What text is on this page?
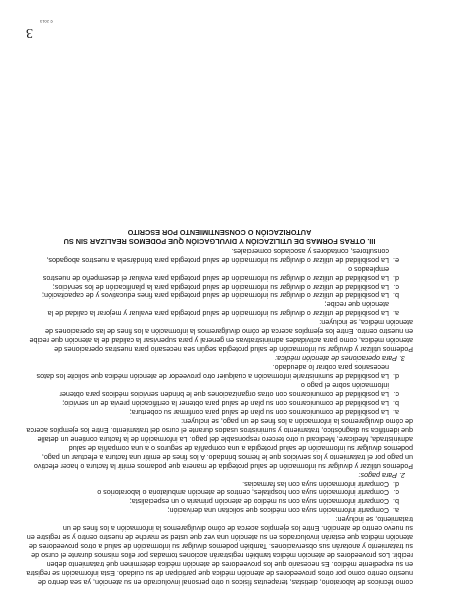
como técnicos de laboratorio, dietistas, terapeutas físicos u otro personal involucrado en su atención, ya sea dentro de nuestro centro como por otros proveedores de atención médica que participan de su cuidado. Esta información se registra en su expediente médico. Es necesario que los proveedores de atención médica determinen qué tratamiento deben recibir. Los proveedores de atención médica también registrarán acciones tomadas por ellos mismos durante el curso de su tratamiento y anotarán sus observaciones. También podemos divulgar su información de salud a otros proveedores de atención médica que estarán involucrados en su atención una vez que usted se marche de nuestro centro y se registre en su nuevo centro de atención. Entre los ejemplos acerca de cómo divulgaremos la información a los fines de un tratamiento, se incluyen:

a.
Compartir información suya con médicos que solicitan una derivación;
b.
Compartir información suya con su médico de atención primaria o un especialista;
c.
Compartir información suya con hospitales, centros de atención ambulatoria o laboratorios o
d.
Compartir información suya con las farmacias.

2. Para pagos:

Podemos utilizar y divulgar su información de salud protegida de manera que podamos emitir la factura o hacer efectivo un pago por el tratamiento y los servicios que le hemos brindado. A los fines de emitir una factura a efectuar un pago, podemos divulgar su información de salud protegida a una compañía de seguros o a una compañía de salud administrada, Medicare, Medicaid u otro tercero responsable del pago. La información de la factura contiene un detalle que identifica su diagnóstico, tratamiento y suministros usados durante el curso del tratamiento. Entre los ejemplos acerca de cómo divulgaremos la información a los fines de un pago, se incluyen:

a.
La posibilidad de comunicarnos con su plan de salud para confirmar su cobertura;
b.
La posibilidad de comunicarnos con su plan de salud para obtener la certificación previa de un servicio;
c.
La posibilidad de comunicarnos con otras organizaciones que le brinden servicios médicos para obtener información sobre el pago o
d.
La posibilidad de suministrarle información a cualquier otro proveedor de atención médica que solicite los datos necesarios para cobrar lo adeudado.

3. Para operaciones de atención médica:

Podemos utilizar y divulgar su información de salud protegida según sea necesario para nuestras operaciones de atención médica, como para actividades administrativas en general y para supervisar la calidad de la atención que recibe en nuestro centro. Entre los ejemplos acerca de cómo divulgaremos la información a los fines de las operaciones de atención médica, se incluyen:

a.
La posibilidad de utilizar o divulgar su información de salud protegida para evaluar y mejorar la calidad de la atención que recibe;
b.
La posibilidad de utilizar o divulgar su información de salud protegida para fines educativos y de capacitación;
c.
La posibilidad de utilizar o divulgar su información de salud protegida para la planificación de los servicios;
d.
La posibilidad de utilizar o divulgar su información de salud protegida para evaluar el desempeño de nuestros empleados o
e.
La posibilidad de utilizar o divulgar su información de salud protegida para brindársela a nuestros abogados, consultores, contadores y asociados comerciales.

III. OTRAS FORMAS DE UTILIZACIÓN Y DIVULGACIÓN QUE PODEMOS REALIZAR SIN SU AUTORIZACIÓN O CONSENTIMIENTO POR ESCRITO

3
© 2013
